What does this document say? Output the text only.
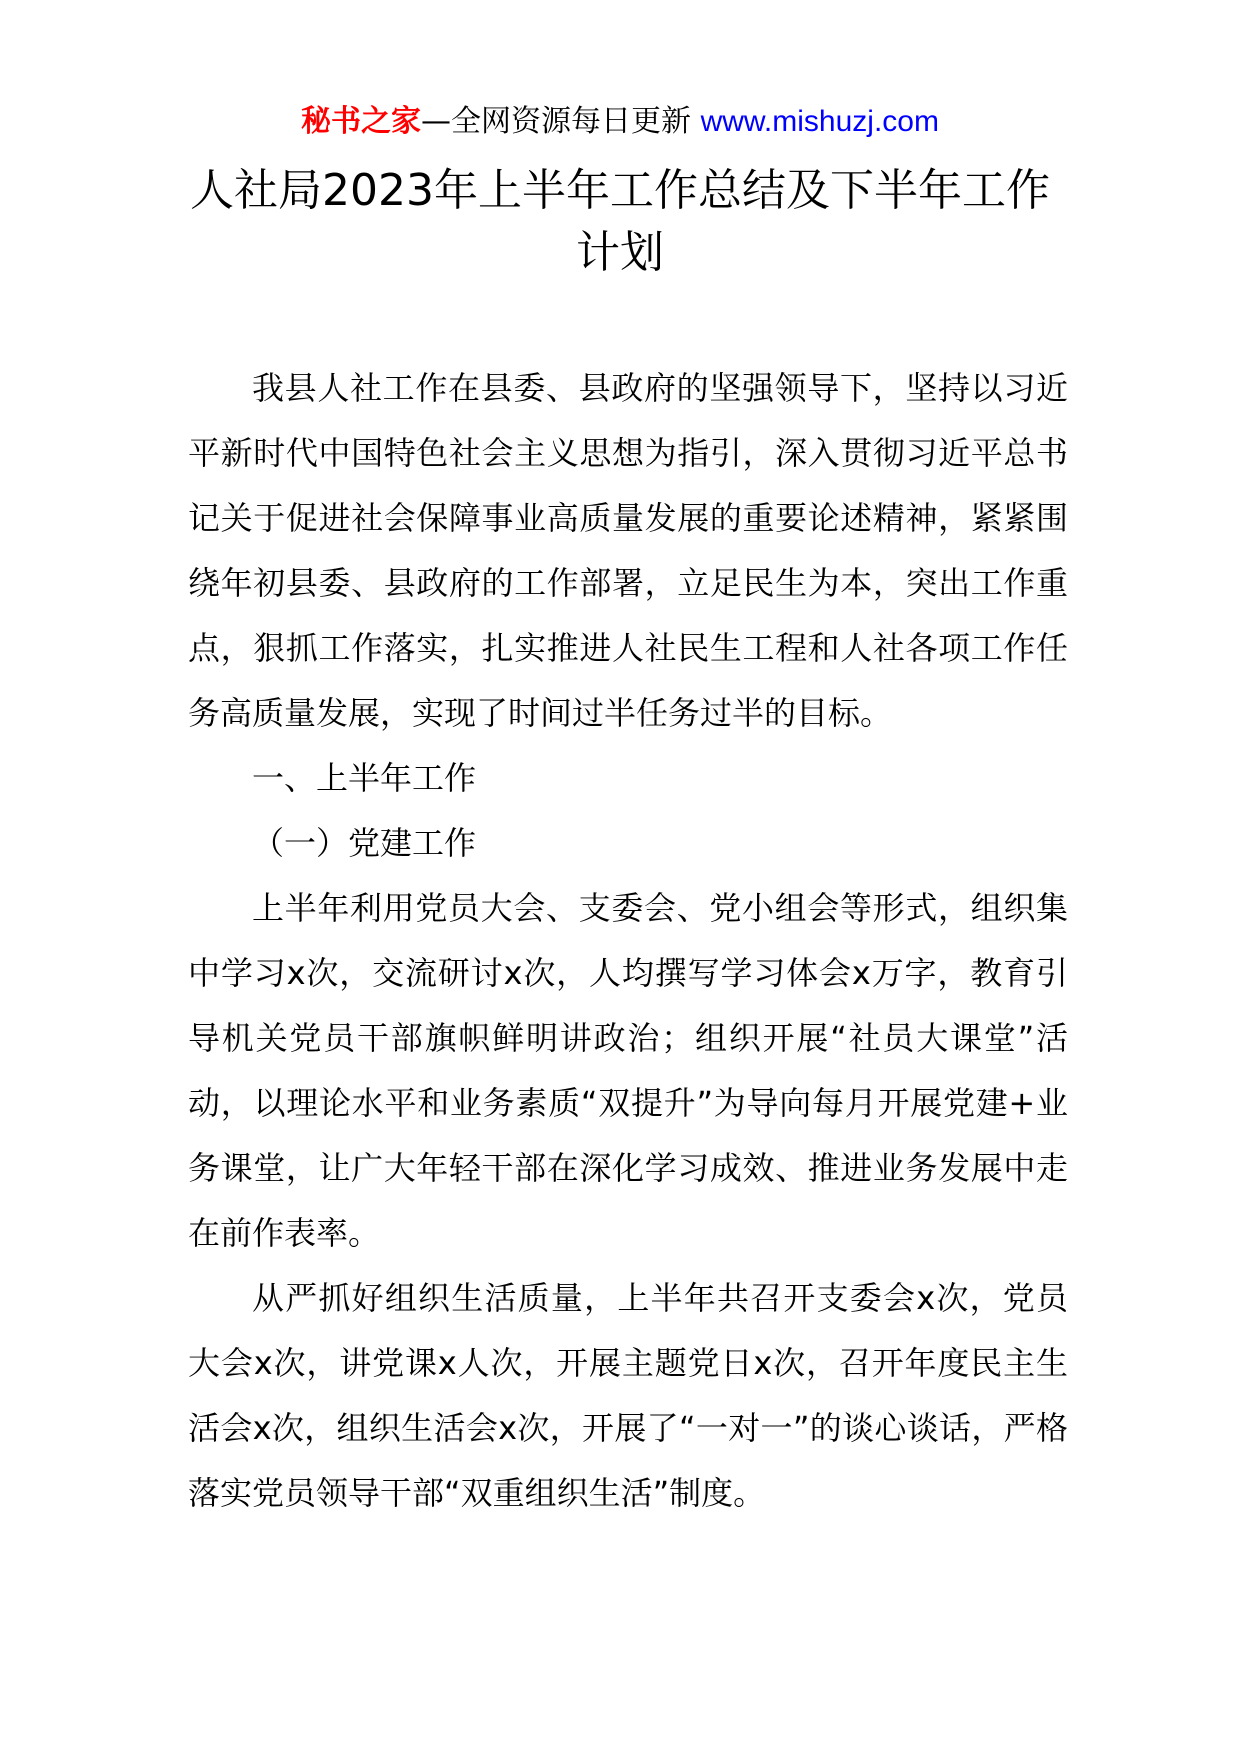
秘书之家—全网资源每日更新 www.mishuzj.com
人社局2023年上半年工作总结及下半年工作计划

我县人社工作在县委、县政府的坚强领导下，坚持以习近平新时代中国特色社会主义思想为指引，深入贯彻习近平总书记关于促进社会保障事业高质量发展的重要论述精神，紧紧围绕年初县委、县政府的工作部署，立足民生为本，突出工作重点，狠抓工作落实，扎实推进人社民生工程和人社各项工作任务高质量发展，实现了时间过半任务过半的目标。

一、上半年工作

（一）党建工作

上半年利用党员大会、支委会、党小组会等形式，组织集中学习x次，交流研讨x次，人均撰写学习体会x万字，教育引导机关党员干部旗帜鲜明讲政治；组织开展“社员大课堂”活动，以理论水平和业务素质“双提升”为导向每月开展党建+业务课堂，让广大年轻干部在深化学习成效、推进业务发展中走在前作表率。

从严抓好组织生活质量，上半年共召开支委会x次，党员大会x次，讲党课x人次，开展主题党日x次，召开年度民主生活会x次，组织生活会x次，开展了“一对一”的谈心谈话，严格落实党员领导干部“双重组织生活”制度。
